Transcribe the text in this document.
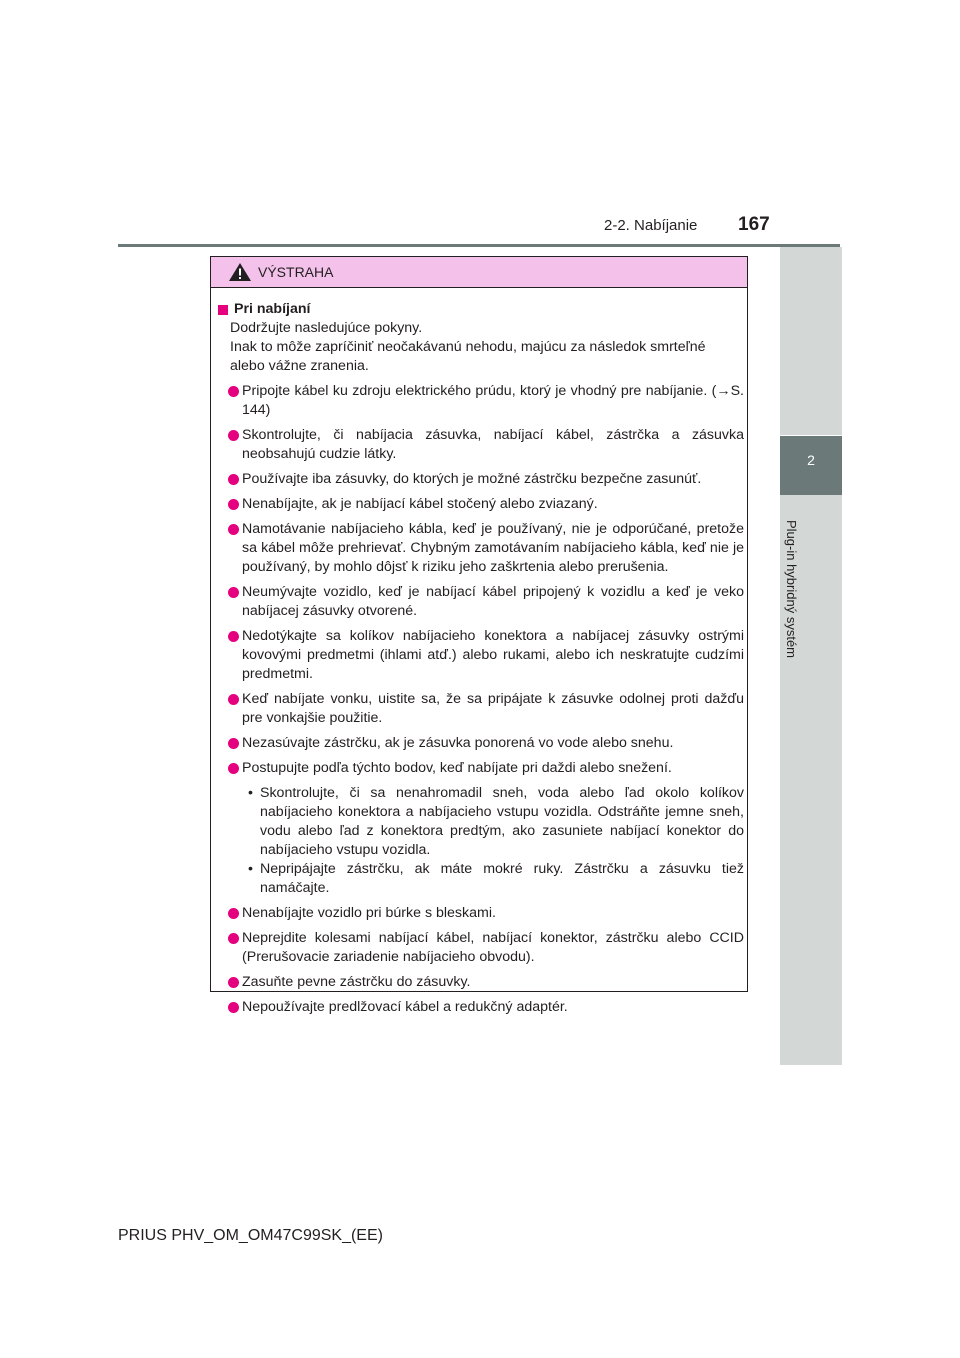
2-2. Nabíjanie 167
2
Plug-in hybridný systém
VÝSTRAHA
Pri nabíjaní
Dodržujte nasledujúce pokyny.
Inak to môže zapríčiniť neočakávanú nehodu, majúcu za následok smrteľné alebo vážne zranenia.
Pripojte kábel ku zdroju elektrického prúdu, ktorý je vhodný pre nabíjanie. (→S. 144)
Skontrolujte, či nabíjacia zásuvka, nabíjací kábel, zástrčka a zásuvka neobsahujú cudzie látky.
Používajte iba zásuvky, do ktorých je možné zástrčku bezpečne zasunúť.
Nenabíjajte, ak je nabíjací kábel stočený alebo zviazaný.
Namotávanie nabíjacieho kábla, keď je používaný, nie je odporúčané, pretože sa kábel môže prehrievať. Chybným zamotávaním nabíjacieho kábla, keď nie je používaný, by mohlo dôjsť k riziku jeho zaškrtenia alebo prerušenia.
Neumývajte vozidlo, keď je nabíjací kábel pripojený k vozidlu a keď je veko nabíjacej zásuvky otvorené.
Nedotýkajte sa kolíkov nabíjacieho konektora a nabíjacej zásuvky ostrými kovovými predmetmi (ihlami atď.) alebo rukami, alebo ich neskratujte cudzími predmetmi.
Keď nabíjate vonku, uistite sa, že sa pripájate k zásuvke odolnej proti dažďu pre vonkajšie použitie.
Nezasúvajte zástrčku, ak je zásuvka ponorená vo vode alebo snehu.
Postupujte podľa týchto bodov, keď nabíjate pri daždi alebo snežení.
• Skontrolujte, či sa nenahromadil sneh, voda alebo ľad okolo kolíkov nabíjacieho konektora a nabíjacieho vstupu vozidla. Odstráňte jemne sneh, vodu alebo ľad z konektora predtým, ako zasuniete nabíjací konektor do nabíjacieho vstupu vozidla.
• Nepripájajte zástrčku, ak máte mokré ruky. Zástrčku a zásuvku tiež namáčajte.
Nenabíjajte vozidlo pri búrke s bleskami.
Neprejdite kolesami nabíjací kábel, nabíjací konektor, zástrčku alebo CCID (Prerušovacie zariadenie nabíjacieho obvodu).
Zasuňte pevne zástrčku do zásuvky.
Nepoužívajte predlžovací kábel a redukčný adaptér.
PRIUS PHV_OM_OM47C99SK_(EE)
